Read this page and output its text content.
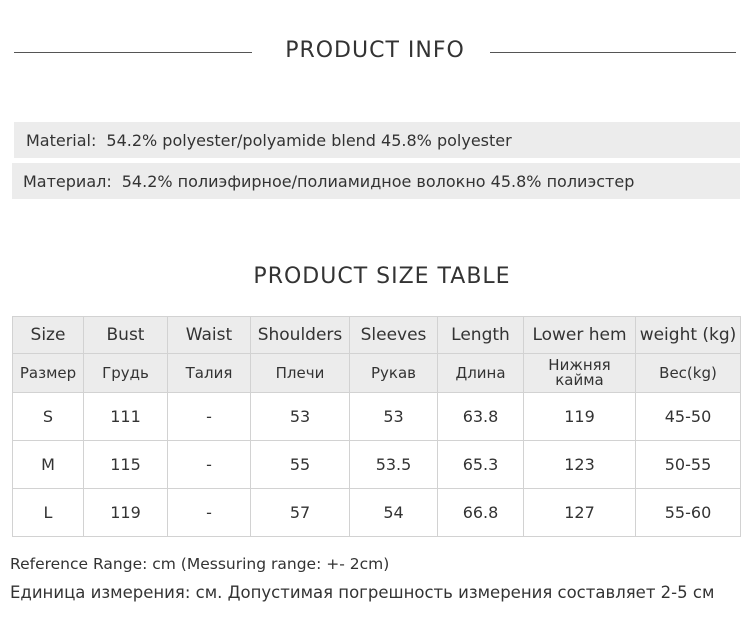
PRODUCT INFO
Material: 54.2% polyester/polyamide blend 45.8% polyester
Материал: 54.2% полиэфирное/полиамидное волокно 45.8% полиэстер
PRODUCT SIZE TABLE
Size	Bust	Waist	Shoulders	Sleeves	Length	Lower hem	weight (kg)
Размер	Грудь	Талия	Плечи	Рукав	Длина	Нижняя кайма	Вес(kg)
S	111	-	53	53	63.8	119	45-50
M	115	-	55	53.5	65.3	123	50-55
L	119	-	57	54	66.8	127	55-60
Reference Range: cm (Messuring range: +- 2cm)
Единица измерения: см. Допустимая погрешность измерения составляет 2-5 см
